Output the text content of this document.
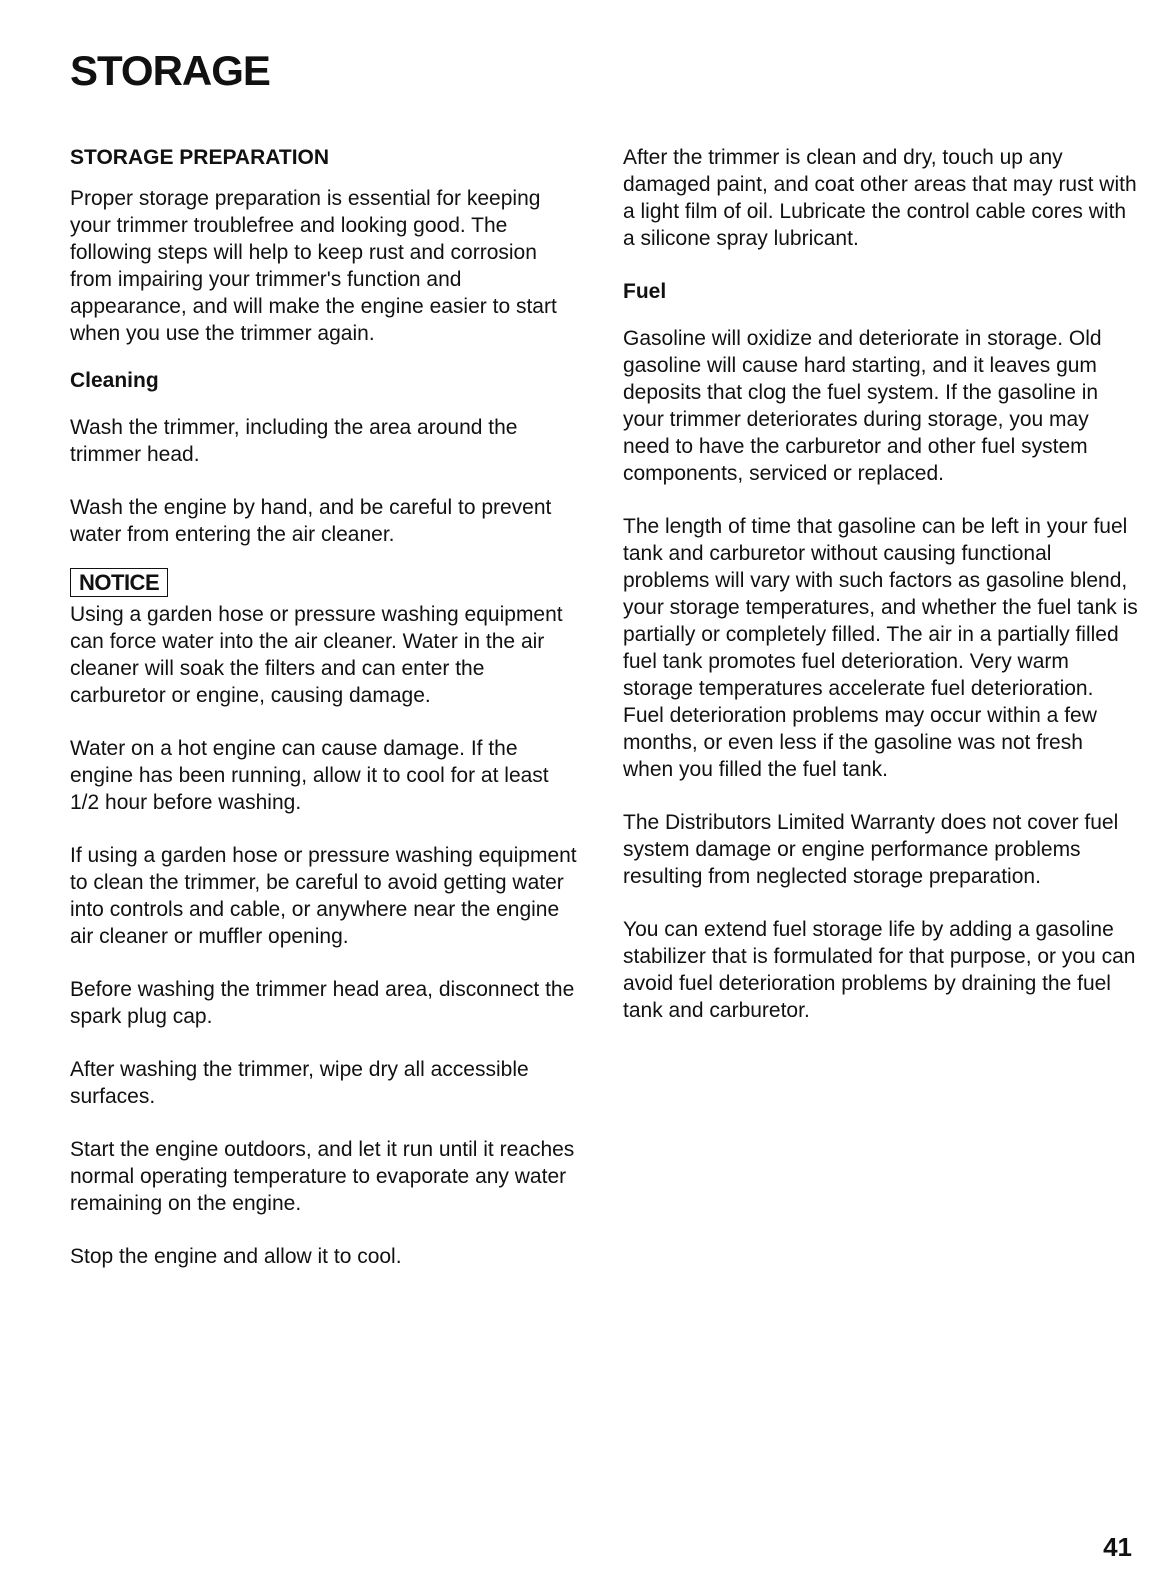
STORAGE
STORAGE PREPARATION

Proper storage preparation is essential for keeping your trimmer troublefree and looking good. The following steps will help to keep rust and corrosion from impairing your trimmer's function and appearance, and will make the engine easier to start when you use the trimmer again.

Cleaning

Wash the trimmer, including the area around the trimmer head.

Wash the engine by hand, and be careful to prevent water from entering the air cleaner.

NOTICE

Using a garden hose or pressure washing equipment can force water into the air cleaner. Water in the air cleaner will soak the filters and can enter the carburetor or engine, causing damage.

Water on a hot engine can cause damage. If the engine has been running, allow it to cool for at least 1/2 hour before washing.

If using a garden hose or pressure washing equipment to clean the trimmer, be careful to avoid getting water into controls and cable, or anywhere near the engine air cleaner or muffler opening.

Before washing the trimmer head area, disconnect the spark plug cap.

After washing the trimmer, wipe dry all accessible surfaces.

Start the engine outdoors, and let it run until it reaches normal operating temperature to evaporate any water remaining on the engine.

Stop the engine and allow it to cool.

After the trimmer is clean and dry, touch up any damaged paint, and coat other areas that may rust with a light film of oil. Lubricate the control cable cores with a silicone spray lubricant.

Fuel

Gasoline will oxidize and deteriorate in storage. Old gasoline will cause hard starting, and it leaves gum deposits that clog the fuel system. If the gasoline in your trimmer deteriorates during storage, you may need to have the carburetor and other fuel system components, serviced or replaced.

The length of time that gasoline can be left in your fuel tank and carburetor without causing functional problems will vary with such factors as gasoline blend, your storage temperatures, and whether the fuel tank is partially or completely filled. The air in a partially filled fuel tank promotes fuel deterioration. Very warm storage temperatures accelerate fuel deterioration. Fuel deterioration problems may occur within a few months, or even less if the gasoline was not fresh when you filled the fuel tank.

The Distributors Limited Warranty does not cover fuel system damage or engine performance problems resulting from neglected storage preparation.

You can extend fuel storage life by adding a gasoline stabilizer that is formulated for that purpose, or you can avoid fuel deterioration problems by draining the fuel tank and carburetor.

41
